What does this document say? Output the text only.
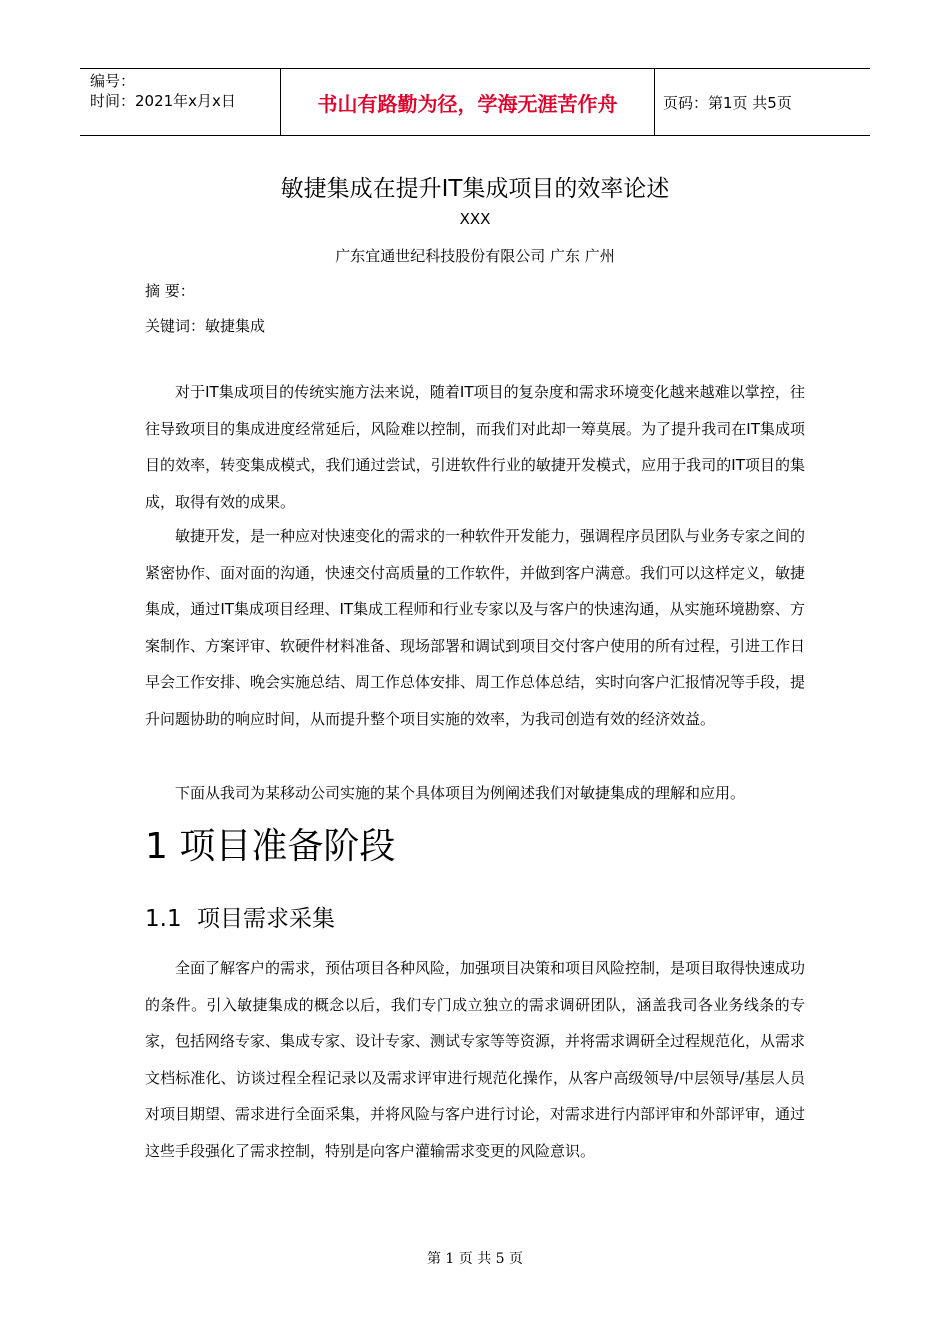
编号：
时间：2021年x月x日	书山有路勤为径，学海无涯苦作舟	页码：第1页 共5页
敏捷集成在提升IT集成项目的效率论述
XXX
广东宜通世纪科技股份有限公司 广东 广州
摘 要：
关键词：敏捷集成

对于IT集成项目的传统实施方法来说，随着IT项目的复杂度和需求环境变化越来越难以掌控，往往导致项目的集成进度经常延后，风险难以控制，而我们对此却一筹莫展。为了提升我司在IT集成项目的效率，转变集成模式，我们通过尝试，引进软件行业的敏捷开发模式，应用于我司的IT项目的集成，取得有效的成果。

敏捷开发，是一种应对快速变化的需求的一种软件开发能力，强调程序员团队与业务专家之间的紧密协作、面对面的沟通，快速交付高质量的工作软件，并做到客户满意。我们可以这样定义，敏捷集成，通过IT集成项目经理、IT集成工程师和行业专家以及与客户的快速沟通，从实施环境勘察、方案制作、方案评审、软硬件材料准备、现场部署和调试到项目交付客户使用的所有过程，引进工作日早会工作安排、晚会实施总结、周工作总体安排、周工作总体总结，实时向客户汇报情况等手段，提升问题协助的响应时间，从而提升整个项目实施的效率，为我司创造有效的经济效益。

下面从我司为某移动公司实施的某个具体项目为例阐述我们对敏捷集成的理解和应用。

1 项目准备阶段
1.1 项目需求采集

全面了解客户的需求，预估项目各种风险，加强项目决策和项目风险控制，是项目取得快速成功的条件。引入敏捷集成的概念以后，我们专门成立独立的需求调研团队，涵盖我司各业务线条的专家，包括网络专家、集成专家、设计专家、测试专家等等资源，并将需求调研全过程规范化，从需求文档标准化、访谈过程全程记录以及需求评审进行规范化操作，从客户高级领导/中层领导/基层人员对项目期望、需求进行全面采集，并将风险与客户进行讨论，对需求进行内部评审和外部评审，通过这些手段强化了需求控制，特别是向客户灌输需求变更的风险意识。

第 1 页 共 5 页
